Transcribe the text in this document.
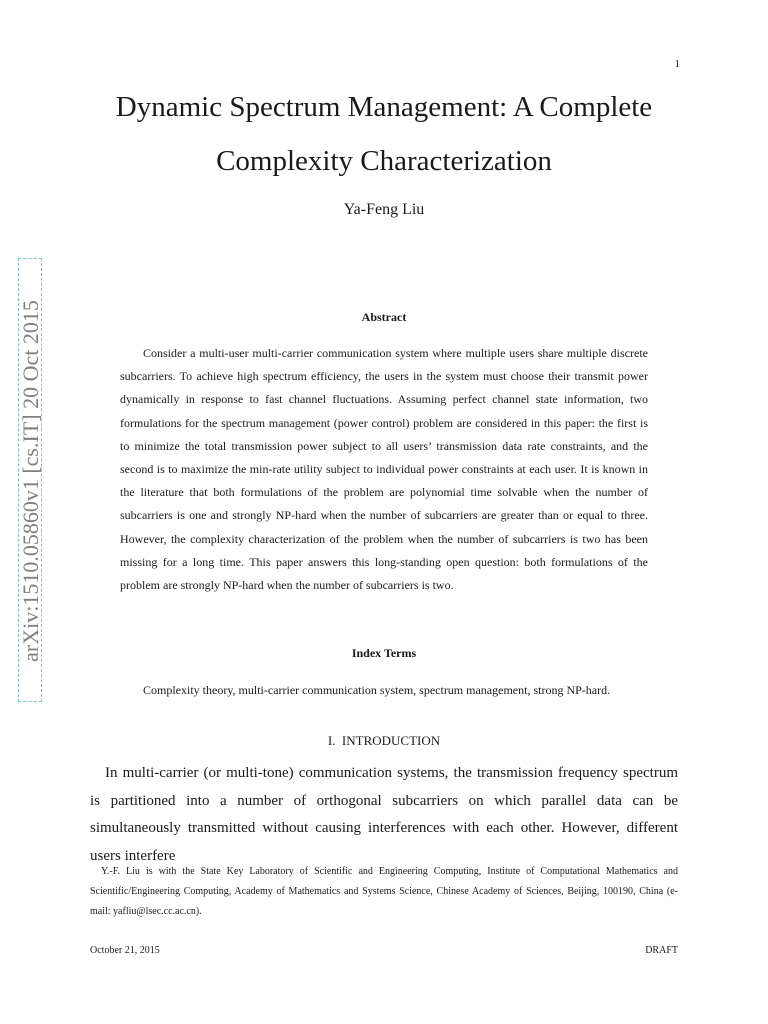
1
Dynamic Spectrum Management: A Complete Complexity Characterization
Ya-Feng Liu
arXiv:1510.05860v1 [cs.IT] 20 Oct 2015	Abstract

Consider a multi-user multi-carrier communication system where multiple users share multiple discrete subcarriers. To achieve high spectrum efficiency, the users in the system must choose their transmit power dynamically in response to fast channel fluctuations. Assuming perfect channel state information, two formulations for the spectrum management (power control) problem are considered in this paper: the first is to minimize the total transmission power subject to all users’ transmission data rate constraints, and the second is to maximize the min-rate utility subject to individual power constraints at each user. It is known in the literature that both formulations of the problem are polynomial time solvable when the number of subcarriers is one and strongly NP-hard when the number of subcarriers are greater than or equal to three. However, the complexity characterization of the problem when the number of subcarriers is two has been missing for a long time. This paper answers this long-standing open question: both formulations of the problem are strongly NP-hard when the number of subcarriers is two.

Index Terms

Complexity theory, multi-carrier communication system, spectrum management, strong NP-hard.

I. INTRODUCTION

In multi-carrier (or multi-tone) communication systems, the transmission frequency spectrum is partitioned into a number of orthogonal subcarriers on which parallel data can be simultaneously transmitted without causing interferences with each other. However, different users interfere

Y.-F. Liu is with the State Key Laboratory of Scientific and Engineering Computing, Institute of Computational Mathematics and Scientific/Engineering Computing, Academy of Mathematics and Systems Science, Chinese Academy of Sciences, Beijing, 100190, China (e-mail: yafliu@lsec.cc.ac.cn).

October 21, 2015	DRAFT
